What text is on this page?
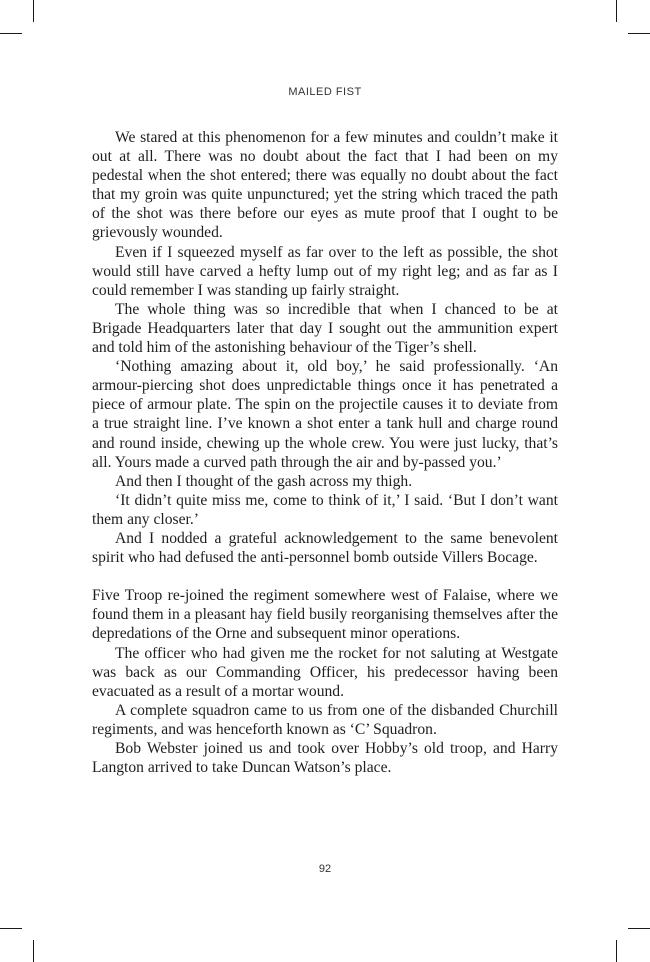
MAILED FIST

We stared at this phenomenon for a few minutes and couldn’t make it out at all. There was no doubt about the fact that I had been on my pedestal when the shot entered; there was equally no doubt about the fact that my groin was quite unpunctured; yet the string which traced the path of the shot was there before our eyes as mute proof that I ought to be grievously wounded.

Even if I squeezed myself as far over to the left as possible, the shot would still have carved a hefty lump out of my right leg; and as far as I could remember I was standing up fairly straight.

The whole thing was so incredible that when I chanced to be at Brigade Headquarters later that day I sought out the ammunition expert and told him of the astonishing behaviour of the Tiger’s shell.

‘Nothing amazing about it, old boy,’ he said professionally. ‘An armour-piercing shot does unpredictable things once it has penetrated a piece of armour plate. The spin on the projectile causes it to deviate from a true straight line. I’ve known a shot enter a tank hull and charge round and round inside, chewing up the whole crew. You were just lucky, that’s all. Yours made a curved path through the air and by-passed you.’

And then I thought of the gash across my thigh.

‘It didn’t quite miss me, come to think of it,’ I said. ‘But I don’t want them any closer.’

And I nodded a grateful acknowledgement to the same benevolent spirit who had defused the anti-personnel bomb outside Villers Bocage.

Five Troop re-joined the regiment somewhere west of Falaise, where we found them in a pleasant hay field busily reorganising themselves after the depredations of the Orne and subsequent minor operations.

The officer who had given me the rocket for not saluting at Westgate was back as our Commanding Officer, his predecessor having been evacuated as a result of a mortar wound.

A complete squadron came to us from one of the disbanded Churchill regiments, and was henceforth known as ‘C’ Squadron.

Bob Webster joined us and took over Hobby’s old troop, and Harry Langton arrived to take Duncan Watson’s place.

92
